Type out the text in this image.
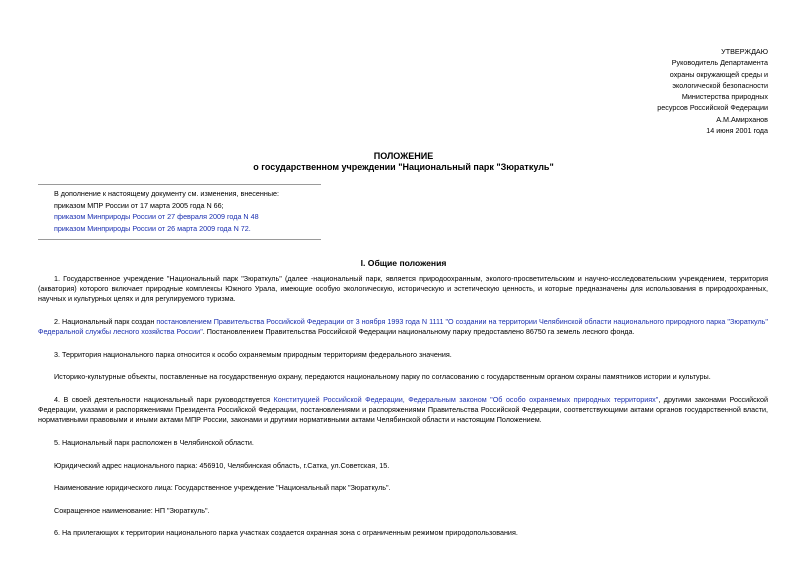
УТВЕРЖДАЮ
Руководитель Департамента
охраны окружающей среды и
экологической безопасности
Министерства природных
ресурсов Российской Федерации
А.М.Амирханов
14 июня 2001 года
ПОЛОЖЕНИЕ
о государственном учреждении "Национальный парк "Зюраткуль"
В дополнение к настоящему документу см. изменения, внесенные:
приказом МПР России от 17 марта 2005 года N 66;
приказом Минприроды России от 27 февраля 2009 года N 48
приказом Минприроды России от 26 марта 2009 года N 72.
I. Общие положения

1. Государственное учреждение "Национальный парк "Зюраткуль" (далее -национальный парк, является природоохранным, эколого-просветительским и научно-исследовательским учреждением, территория (акватория) которого включает природные комплексы Южного Урала, имеющие особую экологическую, историческую и эстетическую ценность, и которые предназначены для использования в природоохранных, научных и культурных целях и для регулируемого туризма.

2. Национальный парк создан постановлением Правительства Российской Федерации от 3 ноября 1993 года N 1111 "О создании на территории Челябинской области национального природного парка "Зюраткуль" Федеральной службы лесного хозяйства России". Постановлением Правительства Российской Федерации национальному парку предоставлено 86750 га земель лесного фонда.

3. Территория национального парка относится к особо охраняемым природным территориям федерального значения.

Историко-культурные объекты, поставленные на государственную охрану, передаются национальному парку по согласованию с государственным органом охраны памятников истории и культуры.

4. В своей деятельности национальный парк руководствуется Конституцией Российской Федерации, Федеральным законом "Об особо охраняемых природных территориях", другими законами Российской Федерации, указами и распоряжениями Президента Российской Федерации, постановлениями и распоряжениями Правительства Российской Федерации, соответствующими актами органов государственной власти, нормативными правовыми и иными актами МПР России, законами и другими нормативными актами Челябинской области и настоящим Положением.

5. Национальный парк расположен в Челябинской области.

Юридический адрес национального парка: 456910, Челябинская область, г.Сатка, ул.Советская, 15.

Наименование юридического лица: Государственное учреждение "Национальный парк "Зюраткуль".

Сокращенное наименование: НП "Зюраткуль".

6. На прилегающих к территории национального парка участках создается охранная зона с ограниченным режимом природопользования.
